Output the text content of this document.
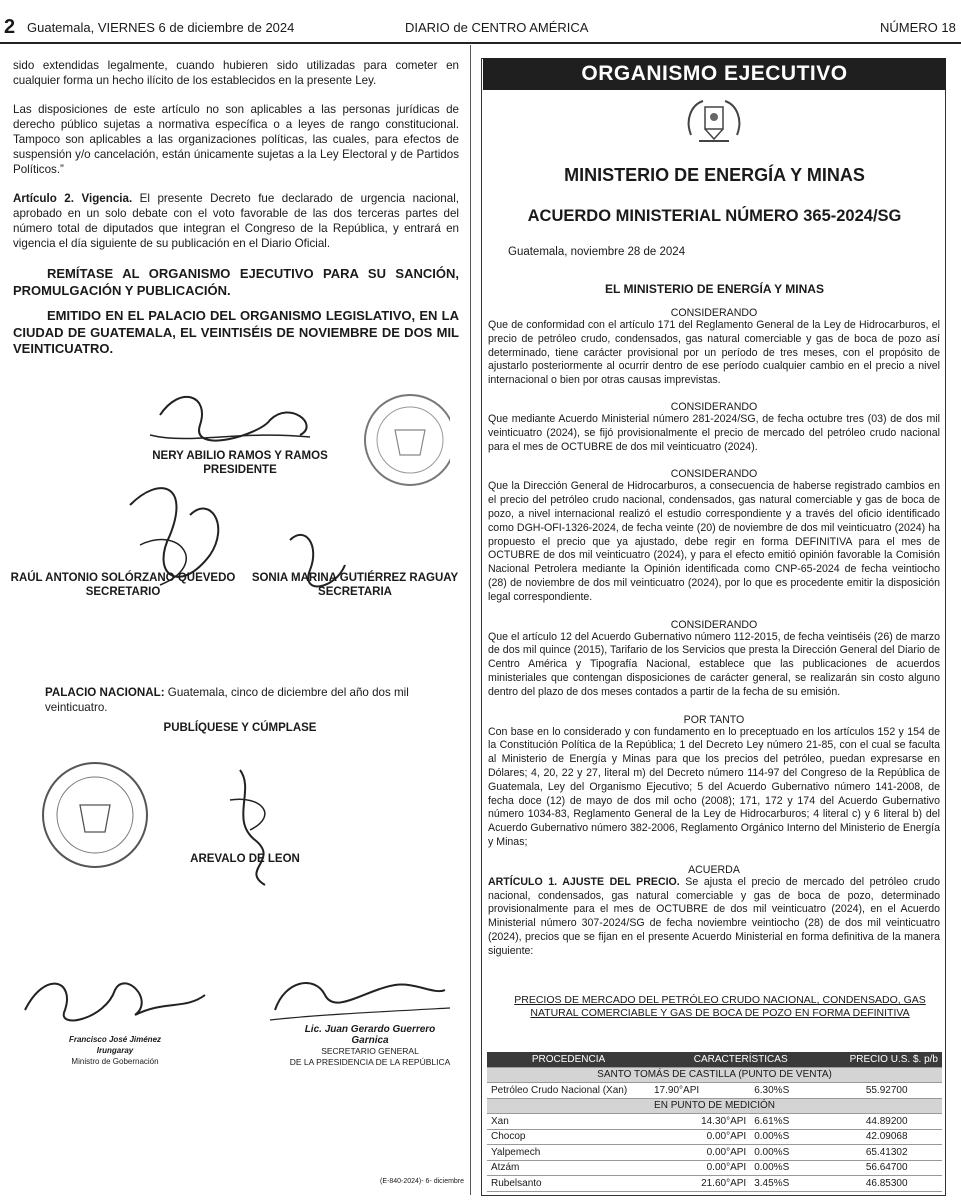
2 Guatemala, VIERNES 6 de diciembre de 2024	DIARIO de CENTRO AMÉRICA	NÚMERO 18

sido extendidas legalmente, cuando hubieren sido utilizadas para cometer en cualquier forma un hecho ilícito de los establecidos en la presente Ley.

Las disposiciones de este artículo no son aplicables a las personas jurídicas de derecho público sujetas a normativa específica o a leyes de rango constitucional. Tampoco son aplicables a las organizaciones políticas, las cuales, para efectos de suspensión y/o cancelación, están únicamente sujetas a la Ley Electoral y de Partidos Políticos.”

Artículo 2. Vigencia. El presente Decreto fue declarado de urgencia nacional, aprobado en un solo debate con el voto favorable de las dos terceras partes del número total de diputados que integran el Congreso de la República, y entrará en vigencia el día siguiente de su publicación en el Diario Oficial.

REMÍTASE AL ORGANISMO EJECUTIVO PARA SU SANCIÓN, PROMULGACIÓN Y PUBLICACIÓN.
EMITIDO EN EL PALACIO DEL ORGANISMO LEGISLATIVO, EN LA CIUDAD DE GUATEMALA, EL VEINTISÉIS DE NOVIEMBRE DE DOS MIL VEINTICUATRO.
NERY ABILIO RAMOS Y RAMOS
PRESIDENTE
RAÚL ANTONIO SOLÓRZANO QUEVEDO
SECRETARIO
SONIA MARINA GUTIÉRREZ RAGUAY
SECRETARIA

PALACIO NACIONAL: Guatemala, cinco de diciembre del año dos mil veinticuatro.

PUBLÍQUESE Y CÚMPLASE
AREVALO DE LEON
Francisco José Jiménez Irungaray
Ministro de Gobernación
Lic. Juan Gerardo Guerrero Garnica
SECRETARIO GENERAL
DE LA PRESIDENCIA DE LA REPÚBLICA
(E-840-2024)- 6- diciembre
ORGANISMO EJECUTIVO
MINISTERIO DE ENERGÍA Y MINAS
ACUERDO MINISTERIAL NÚMERO 365-2024/SG
Guatemala, noviembre 28 de 2024
EL MINISTERIO DE ENERGÍA Y MINAS
CONSIDERANDO
Que de conformidad con el artículo 171 del Reglamento General de la Ley de Hidrocarburos, el precio de petróleo crudo, condensados, gas natural comerciable y gas de boca de pozo así determinado, tiene carácter provisional por un período de tres meses, con el propósito de ajustarlo posteriormente al ocurrir dentro de ese período cualquier cambio en el precio a nivel internacional o bien por otras causas imprevistas.
CONSIDERANDO
Que mediante Acuerdo Ministerial número 281-2024/SG, de fecha octubre tres (03) de dos mil veinticuatro (2024), se fijó provisionalmente el precio de mercado del petróleo crudo nacional para el mes de OCTUBRE de dos mil veinticuatro (2024).
CONSIDERANDO
Que la Dirección General de Hidrocarburos, a consecuencia de haberse registrado cambios en el precio del petróleo crudo nacional, condensados, gas natural comerciable y gas de boca de pozo, a nivel internacional realizó el estudio correspondiente y a través del oficio identificado como DGH-OFI-1326-2024, de fecha veinte (20) de noviembre de dos mil veinticuatro (2024) ha propuesto el precio que ya ajustado, debe regir en forma DEFINITIVA para el mes de OCTUBRE de dos mil veinticuatro (2024), y para el efecto emitió opinión favorable la Comisión Nacional Petrolera mediante la Opinión identificada como CNP-65-2024 de fecha veintiocho (28) de noviembre de dos mil veinticuatro (2024), por lo que es procedente emitir la disposición legal correspondiente.
CONSIDERANDO
Que el artículo 12 del Acuerdo Gubernativo número 112-2015, de fecha veintiséis (26) de marzo de dos mil quince (2015), Tarifario de los Servicios que presta la Dirección General del Diario de Centro América y Tipografía Nacional, establece que las publicaciones de acuerdos ministeriales que contengan disposiciones de carácter general, se realizarán sin costo alguno dentro del plazo de dos meses contados a partir de la fecha de su emisión.
POR TANTO
Con base en lo considerado y con fundamento en lo preceptuado en los artículos 152 y 154 de la Constitución Política de la República; 1 del Decreto Ley número 21-85, con el cual se faculta al Ministerio de Energía y Minas para que los precios del petróleo, puedan expresarse en Dólares; 4, 20, 22 y 27, literal m) del Decreto número 114-97 del Congreso de la República de Guatemala, Ley del Organismo Ejecutivo; 5 del Acuerdo Gubernativo número 141-2008, de fecha doce (12) de mayo de dos mil ocho (2008); 171, 172 y 174 del Acuerdo Gubernativo número 1034-83, Reglamento General de la Ley de Hidrocarburos; 4 literal c) y 6 literal b) del Acuerdo Gubernativo número 382-2006, Reglamento Orgánico Interno del Ministerio de Energía y Minas;
ACUERDA
ARTÍCULO 1. AJUSTE DEL PRECIO. Se ajusta el precio de mercado del petróleo crudo nacional, condensados, gas natural comerciable y gas de boca de pozo, determinado provisionalmente para el mes de OCTUBRE de dos mil veinticuatro (2024), en el Acuerdo Ministerial número 307-2024/SG de fecha noviembre veintiocho (28) de dos mil veinticuatro (2024), precios que se fijan en el presente Acuerdo Ministerial en forma definitiva de la manera siguiente:
PRECIOS DE MERCADO DEL PETRÓLEO CRUDO NACIONAL, CONDENSADO, GAS NATURAL COMERCIABLE Y GAS DE BOCA DE POZO EN FORMA DEFINITIVA
PROCEDENCIA	CARACTERÍSTICAS		PRECIO U.S. $. p/b
SANTO TOMÁS DE CASTILLA (PUNTO DE VENTA)			
Petróleo Crudo Nacional (Xan)	17.90°API	6.30%S	55.92700
EN PUNTO DE MEDICIÓN			
Xan	14.30°API	6.61%S	44.89200
Chocop	0.00°API	0.00%S	42.09068
Yalpemech	0.00°API	0.00%S	65.41302
Atzám	0.00°API	0.00%S	56.64700
Rubelsanto	21.60°API	3.45%S	46.85300
